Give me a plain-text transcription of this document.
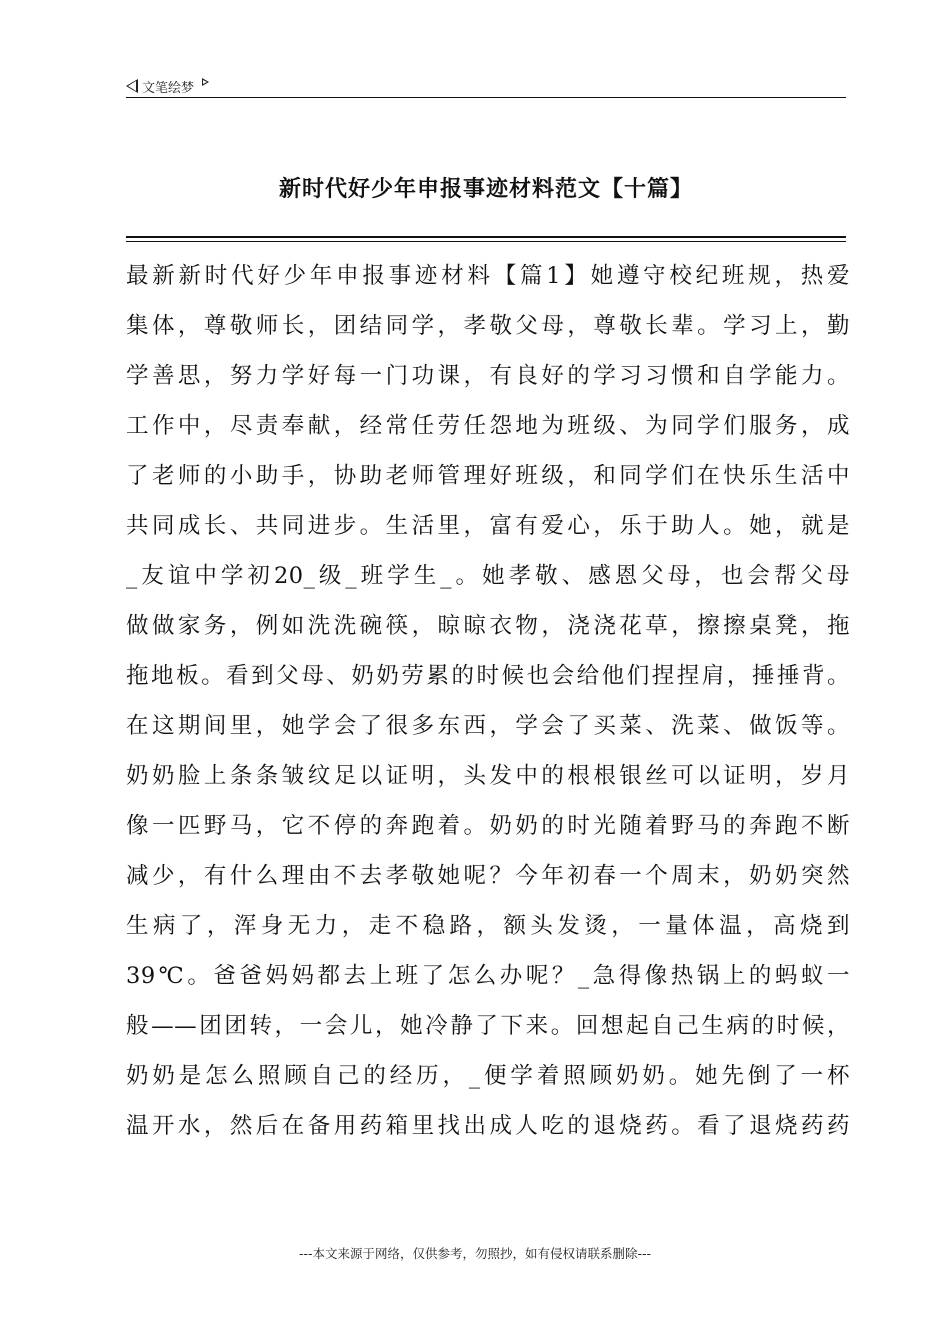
文笔绘梦
新时代好少年申报事迹材料范文【十篇】
最新新时代好少年申报事迹材料【篇1】她遵守校纪班规，热爱
集体，尊敬师长，团结同学，孝敬父母，尊敬长辈。学习上，勤
学善思，努力学好每一门功课，有良好的学习习惯和自学能力。
工作中，尽责奉献，经常任劳任怨地为班级、为同学们服务，成
了老师的小助手，协助老师管理好班级，和同学们在快乐生活中
共同成长、共同进步。生活里，富有爱心，乐于助人。她，就是
_友谊中学初20_级_班学生_。她孝敬、感恩父母，也会帮父母
做做家务，例如洗洗碗筷，晾晾衣物，浇浇花草，擦擦桌凳，拖
拖地板。看到父母、奶奶劳累的时候也会给他们捏捏肩，捶捶背。
在这期间里，她学会了很多东西，学会了买菜、洗菜、做饭等。
奶奶脸上条条皱纹足以证明，头发中的根根银丝可以证明，岁月
像一匹野马，它不停的奔跑着。奶奶的时光随着野马的奔跑不断
减少，有什么理由不去孝敬她呢？今年初春一个周末，奶奶突然
生病了，浑身无力，走不稳路，额头发烫，一量体温，高烧到
39℃。爸爸妈妈都去上班了怎么办呢？_急得像热锅上的蚂蚁一
般——团团转，一会儿，她冷静了下来。回想起自己生病的时候，
奶奶是怎么照顾自己的经历，_便学着照顾奶奶。她先倒了一杯
温开水，然后在备用药箱里找出成人吃的退烧药。看了退烧药药
---本文来源于网络，仅供参考，勿照抄，如有侵权请联系删除---
